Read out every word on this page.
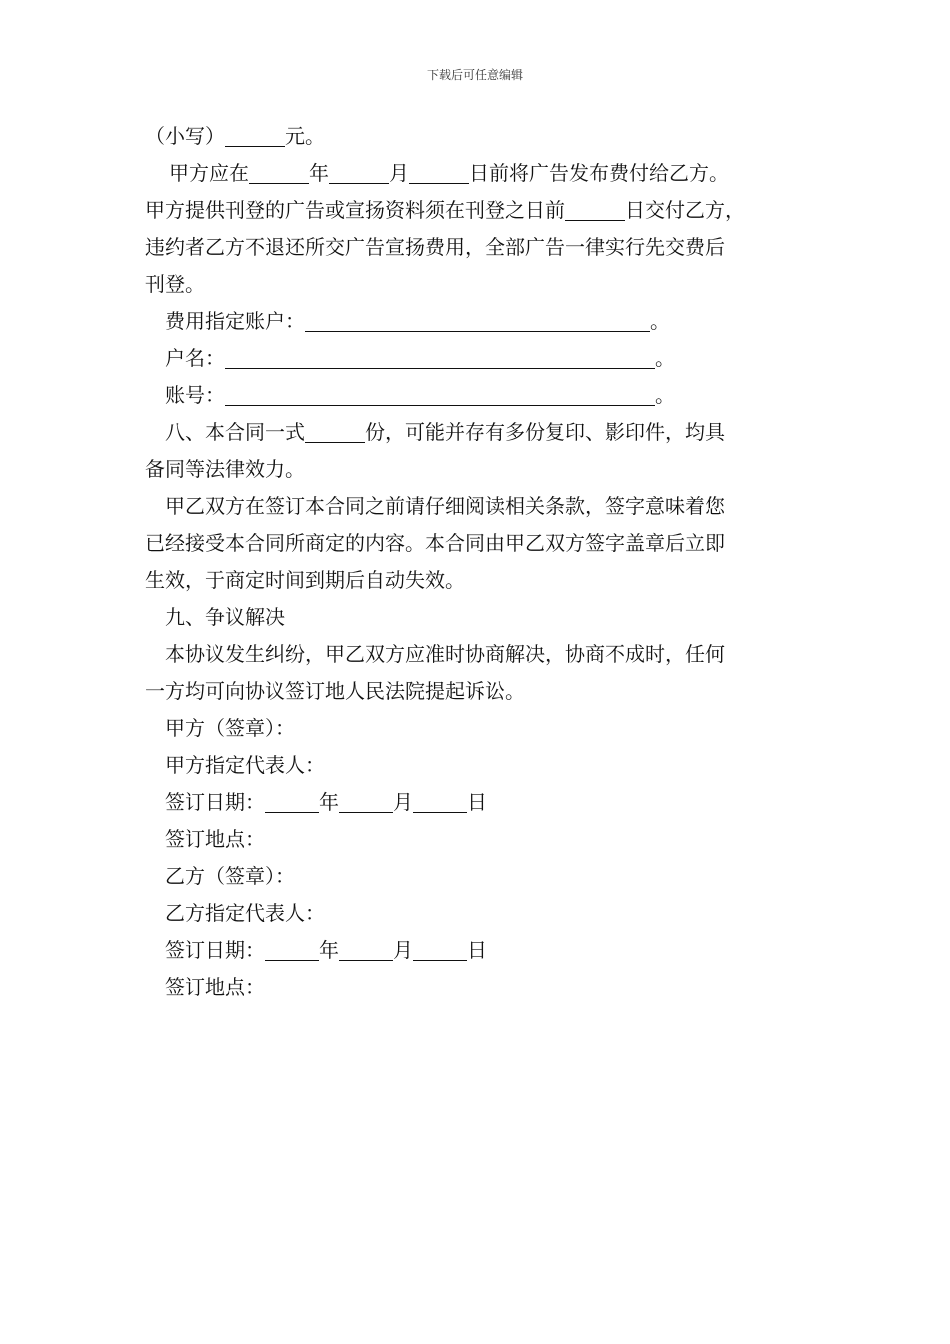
下载后可任意编辑
（小写）	元。
甲方应在	年	月	日前将广告发布费付给乙方。
甲方提供刊登的广告或宣扬资料须在刊登之日前	日交付乙方，
违约者乙方不退还所交广告宣扬费用，全部广告一律实行先交费后
刊登。
费用指定账户：	。
户名：	。
账号：	。
八、本合同一式	份，可能并存有多份复印、影印件，均具
备同等法律效力。
甲乙双方在签订本合同之前请仔细阅读相关条款，签字意味着您
已经接受本合同所商定的内容。本合同由甲乙双方签字盖章后立即
生效，于商定时间到期后自动失效。
九、争议解决
本协议发生纠纷，甲乙双方应准时协商解决，协商不成时，任何
一方均可向协议签订地人民法院提起诉讼。
甲方（签章）：
甲方指定代表人：
签订日期：	年	月	日
签订地点：
乙方（签章）：
乙方指定代表人：
签订日期：	年	月	日
签订地点：
